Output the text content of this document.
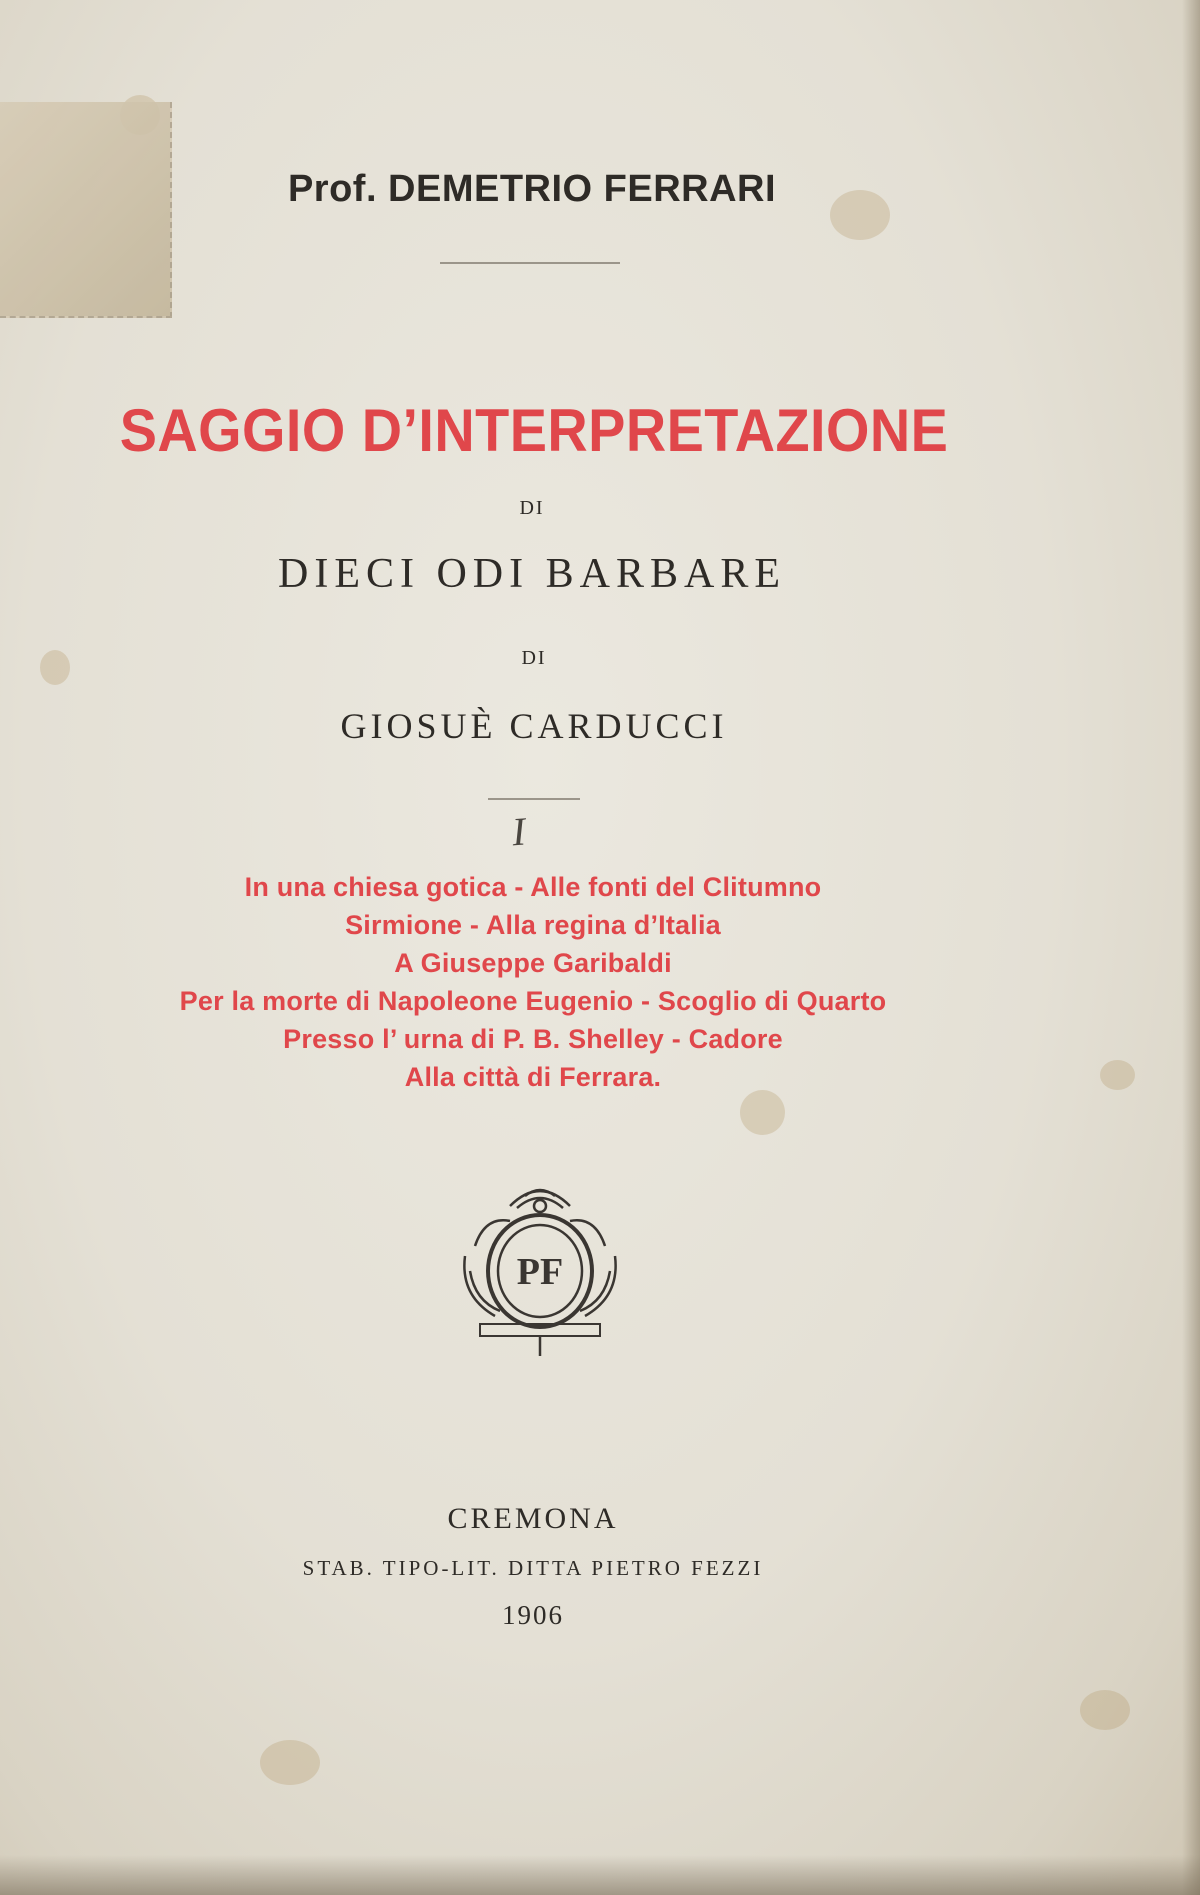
Prof. DEMETRIO FERRARI
SAGGIO D’INTERPRETAZIONE
DI
DIECI ODI BARBARE
DI
GIOSUÈ CARDUCCI
I
In una chiesa gotica - Alle fonti del Clitumno
Sirmione - Alla regina d’Italia
A Giuseppe Garibaldi
Per la morte di Napoleone Eugenio - Scoglio di Quarto
Presso l’ urna di P. B. Shelley - Cadore
Alla città di Ferrara.
PF
CREMONA
STAB. TIPO-LIT. DITTA PIETRO FEZZI
1906
